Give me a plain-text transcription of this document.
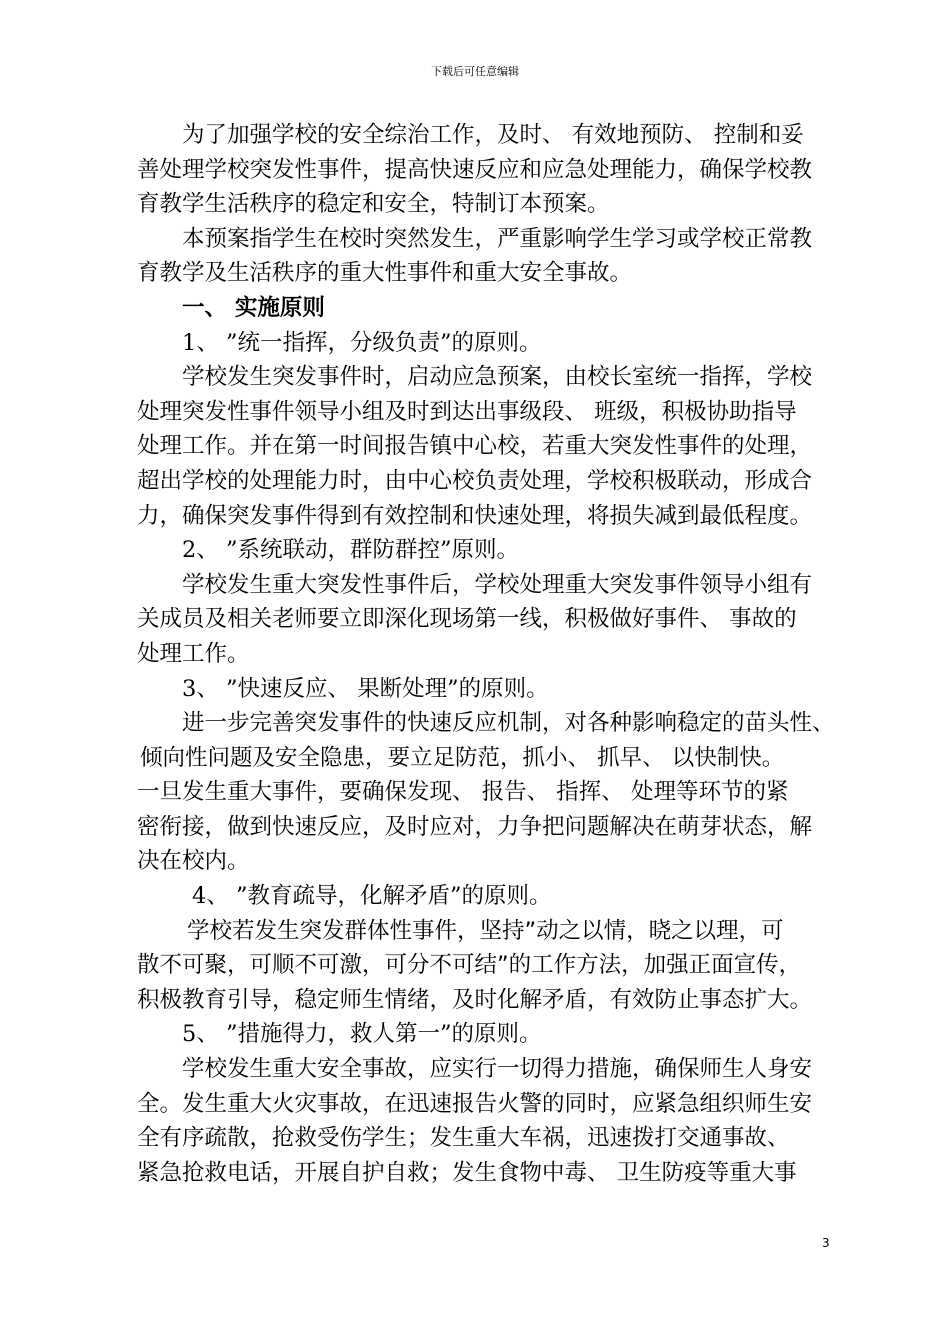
下载后可任意编辑
为了加强学校的安全综治工作，及时、 有效地预防、 控制和妥
善处理学校突发性事件，提高快速反应和应急处理能力，确保学校教
育教学生活秩序的稳定和安全，特制订本预案。
本预案指学生在校时突然发生，严重影响学生学习或学校正常教
育教学及生活秩序的重大性事件和重大安全事故。
一、 实施原则
1、 ”统一指挥，分级负责”的原则。
学校发生突发事件时，启动应急预案，由校长室统一指挥，学校
处理突发性事件领导小组及时到达出事级段、 班级，积极协助指导
处理工作。并在第一时间报告镇中心校，若重大突发性事件的处理，
超出学校的处理能力时，由中心校负责处理，学校积极联动，形成合
力，确保突发事件得到有效控制和快速处理，将损失减到最低程度。
2、 ”系统联动，群防群控”原则。
学校发生重大突发性事件后，学校处理重大突发事件领导小组有
关成员及相关老师要立即深化现场第一线，积极做好事件、 事故的
处理工作。
3、 ”快速反应、 果断处理”的原则。
进一步完善突发事件的快速反应机制，对各种影响稳定的苗头性、
倾向性问题及安全隐患，要立足防范，抓小、 抓早、 以快制快。
一旦发生重大事件，要确保发现、 报告、 指挥、 处理等环节的紧
密衔接，做到快速反应，及时应对，力争把问题解决在萌芽状态，解
决在校内。
4、 ”教育疏导，化解矛盾”的原则。
学校若发生突发群体性事件，坚持”动之以情，晓之以理，可
散不可聚，可顺不可激，可分不可结”的工作方法，加强正面宣传，
积极教育引导，稳定师生情绪，及时化解矛盾，有效防止事态扩大。
5、 ”措施得力，救人第一”的原则。
学校发生重大安全事故，应实行一切得力措施，确保师生人身安
全。发生重大火灾事故，在迅速报告火警的同时，应紧急组织师生安
全有序疏散，抢救受伤学生；发生重大车祸，迅速拨打交通事故、
紧急抢救电话，开展自护自救；发生食物中毒、 卫生防疫等重大事
3
